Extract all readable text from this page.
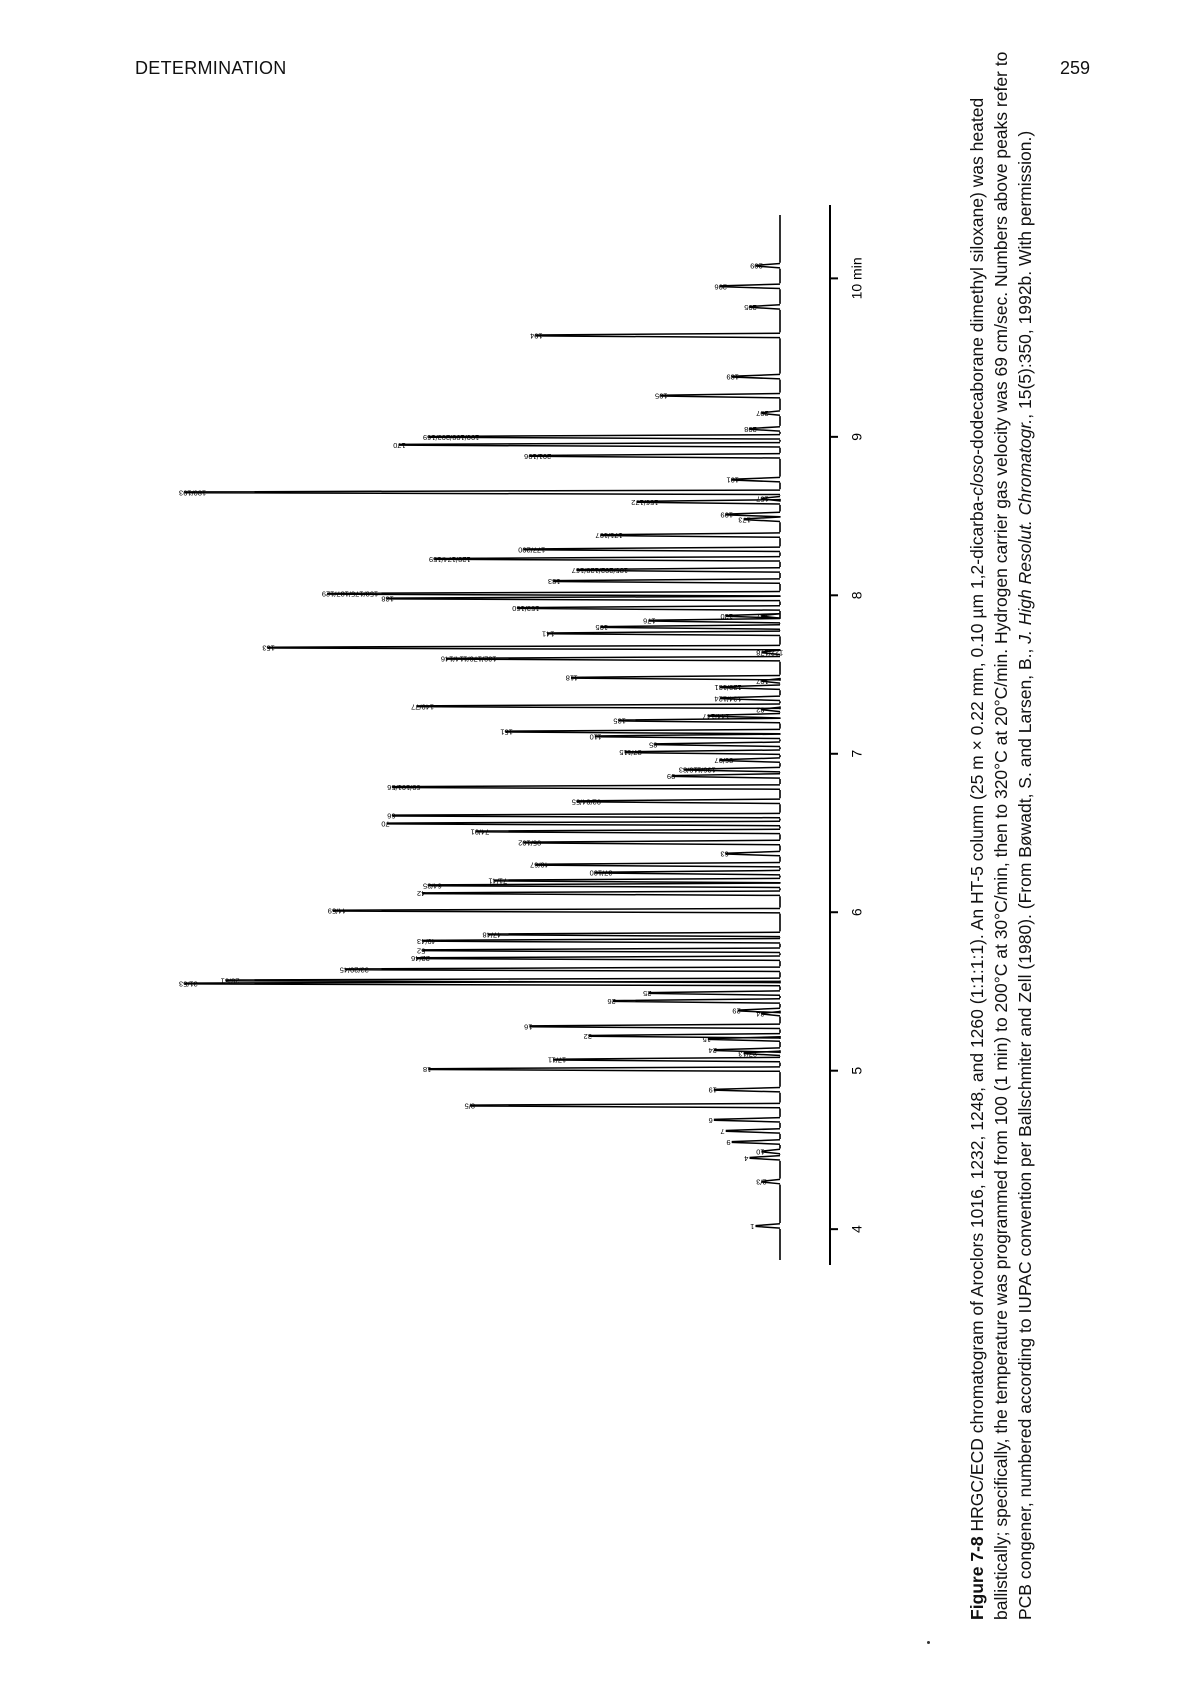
DETERMINATION	259
4
5
6
7
8
9
10 min
1
2/3
4
10
9
7
6
8/5
19
18
17/11
27/13
24
15
32
16
34
29
26
25
31/53	28/51
33/20/45
22/46
52
49/43
47/48
44/59
42
64/35
71/41
37/100
40/67
63
95/102
74/91
70
66
92/84/55
60/101/56
99
136/119/83
86/97
87/115
85
110
151
135
144/147
82
149/77
134/124
123/131
107
118
132/179/114/146
122/178
153
141
105
176
130	137
153/160
138
158/175/187/129
183
185/202/128/167
128/174/159
177/200
171/197
173
199
156/172	157
180/193
191
201/196
170
190/198/203/169
208
207
195
189
194
205
206
209
Figure 7-8 HRGC/ECD chromatogram of Aroclors 1016, 1232, 1248, and 1260 (1:1:1:1). An HT-5 column (25 m × 0.22 mm, 0.10 µm 1,2-dicarba-closo-dodecaborane dimethyl siloxane) was heated ballistically; specifically, the temperature was programmed from 100 (1 min) to 200°C at 30°C/min, then to 320°C at 20°C/min. Hydrogen carrier gas velocity was 69 cm/sec. Numbers above peaks refer to PCB congener, numbered according to IUPAC convention per Ballschmiter and Zell (1980). (From Bøwadt, S. and Larsen, B., J. High Resolut. Chromatogr., 15(5):350, 1992b. With permission.)
